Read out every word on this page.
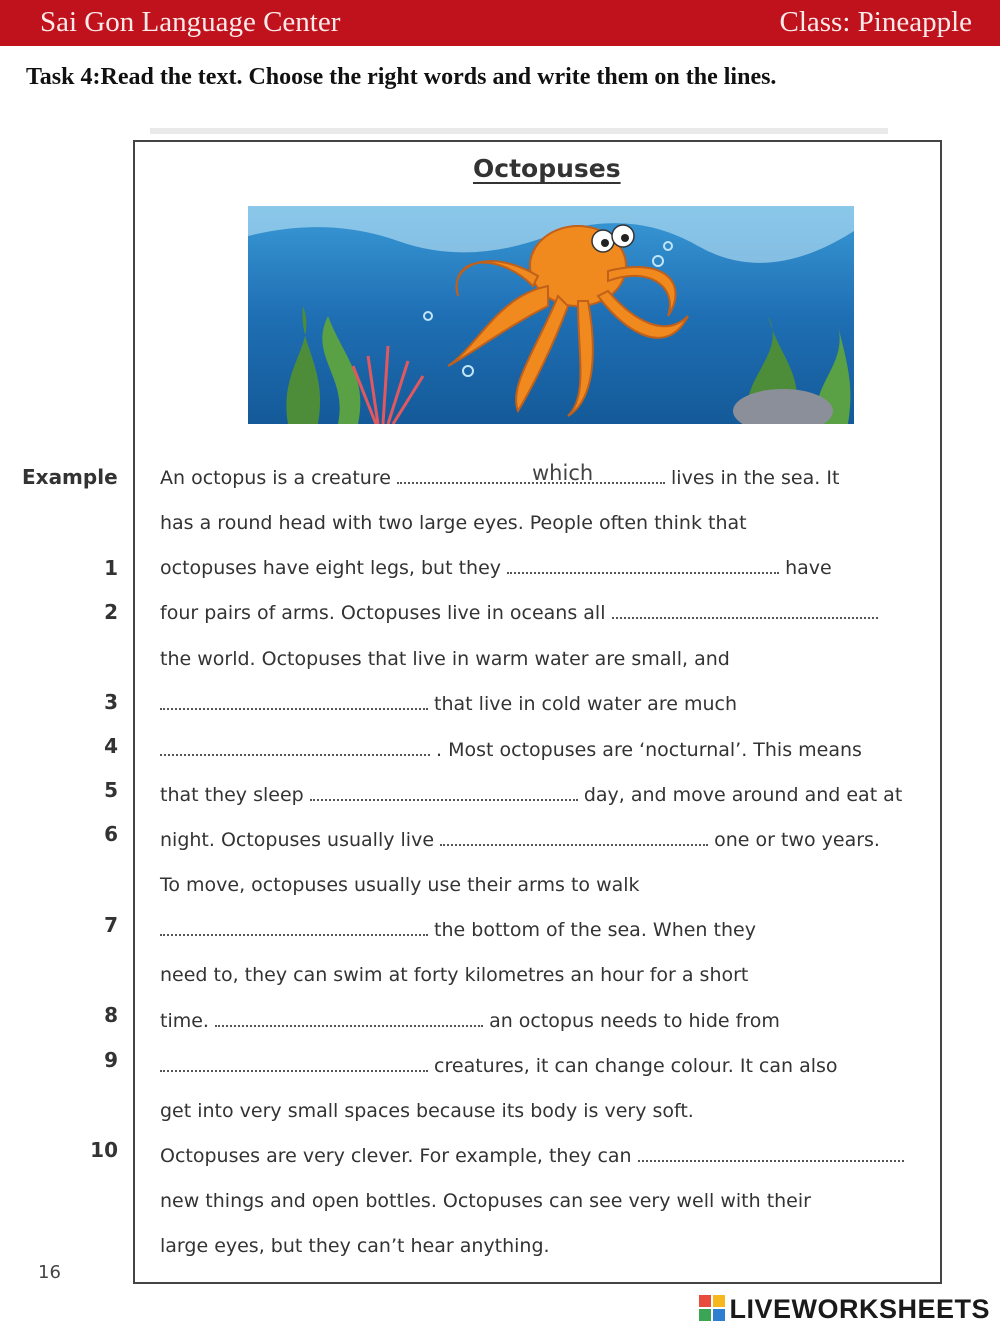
Sai Gon Language Center	Class: Pineapple
Task 4:Read the text. Choose the right words and write them on the lines.
Octopuses
Example
1
2
3
4
5
6
7
8
9
10
An octopus is a creature	lives in the sea. It
which
has a round head with two large eyes. People often think that
octopuses have eight legs, but they	have
four pairs of arms. Octopuses live in oceans all
the world. Octopuses that live in warm water are small, and
that live in cold water are much
. Most octopuses are ‘nocturnal’. This means
that they sleep	day, and move around and eat at
night. Octopuses usually live	one or two years.
To move, octopuses usually use their arms to walk
the bottom of the sea. When they
need to, they can swim at forty kilometres an hour for a short
time.	an octopus needs to hide from
creatures, it can change colour. It can also
get into very small spaces because its body is very soft.
Octopuses are very clever. For example, they can
new things and open bottles. Octopuses can see very well with their
large eyes, but they can’t hear anything.
16
LIVEWORKSHEETS
